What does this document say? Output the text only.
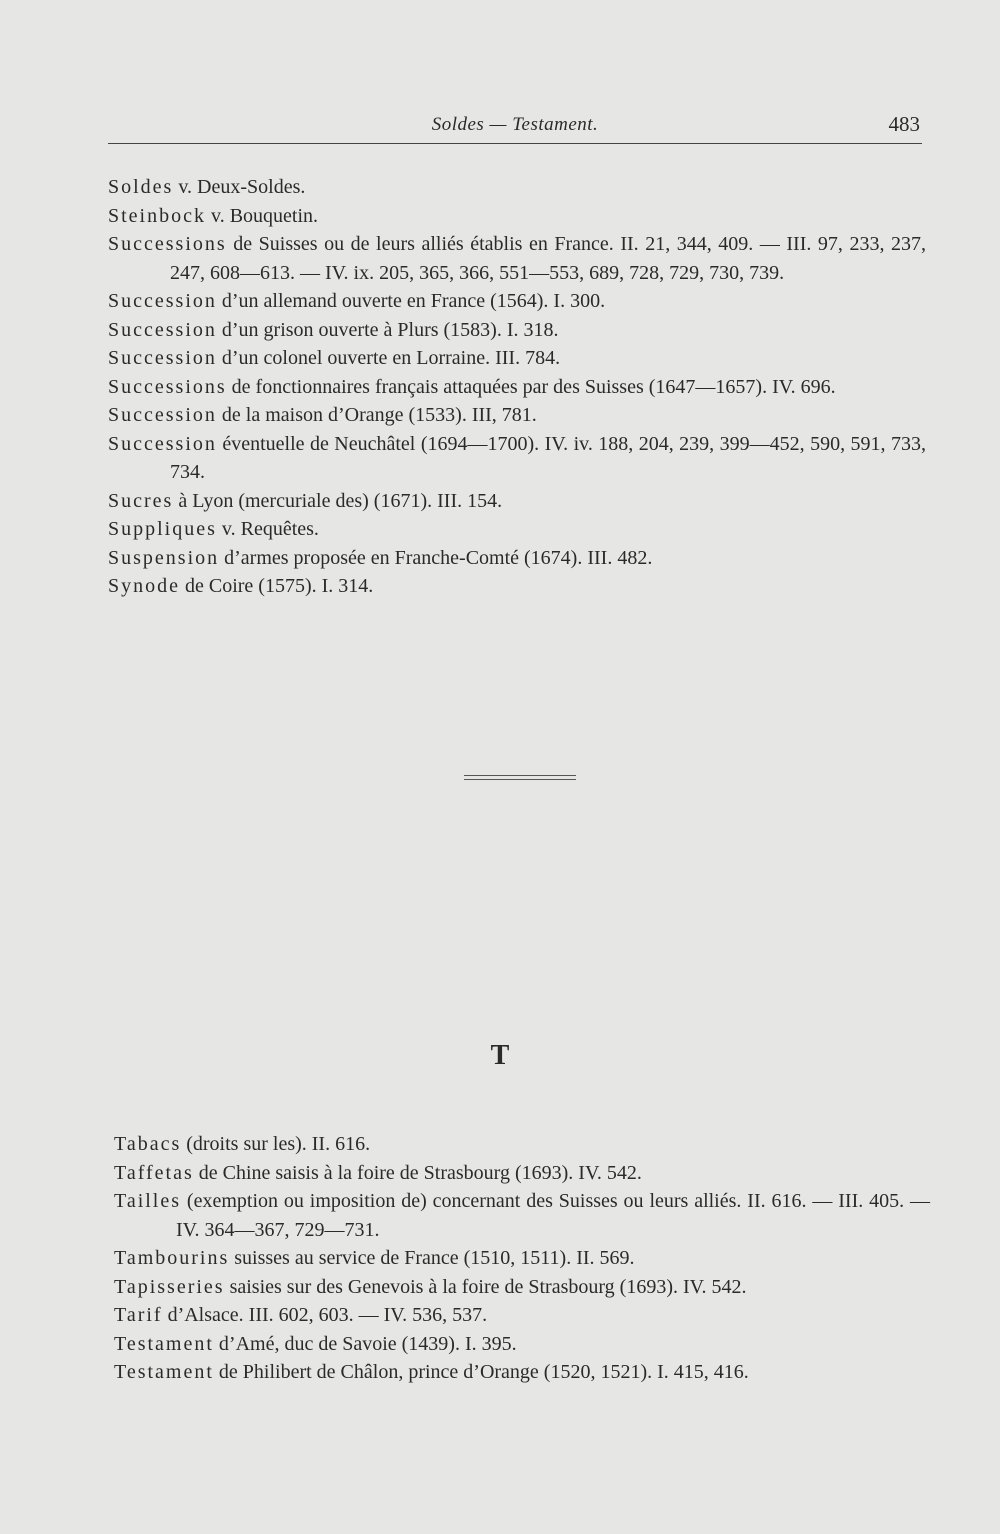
Soldes — Testament.	483
Soldes v. Deux-Soldes.
Steinbock v. Bouquetin.
Successions de Suisses ou de leurs alliés établis en France. II. 21, 344, 409. — III. 97, 233, 237, 247, 608—613. — IV. ix. 205, 365, 366, 551—553, 689, 728, 729, 730, 739.
Succession d’un allemand ouverte en France (1564). I. 300.
Succession d’un grison ouverte à Plurs (1583). I. 318.
Succession d’un colonel ouverte en Lorraine. III. 784.
Successions de fonctionnaires français attaquées par des Suisses (1647—1657). IV. 696.
Succession de la maison d’Orange (1533). III, 781.
Succession éventuelle de Neuchâtel (1694—1700). IV. iv. 188, 204, 239, 399—452, 590, 591, 733, 734.
Sucres à Lyon (mercuriale des) (1671). III. 154.
Suppliques v. Requêtes.
Suspension d’armes proposée en Franche-Comté (1674). III. 482.
Synode de Coire (1575). I. 314.
T
Tabacs (droits sur les). II. 616.
Taffetas de Chine saisis à la foire de Strasbourg (1693). IV. 542.
Tailles (exemption ou imposition de) concernant des Suisses ou leurs alliés. II. 616. — III. 405. — IV. 364—367, 729—731.
Tambourins suisses au service de France (1510, 1511). II. 569.
Tapisseries saisies sur des Genevois à la foire de Strasbourg (1693). IV. 542.
Tarif d’Alsace. III. 602, 603. — IV. 536, 537.
Testament d’Amé, duc de Savoie (1439). I. 395.
Testament de Philibert de Châlon, prince d’Orange (1520, 1521). I. 415, 416.
